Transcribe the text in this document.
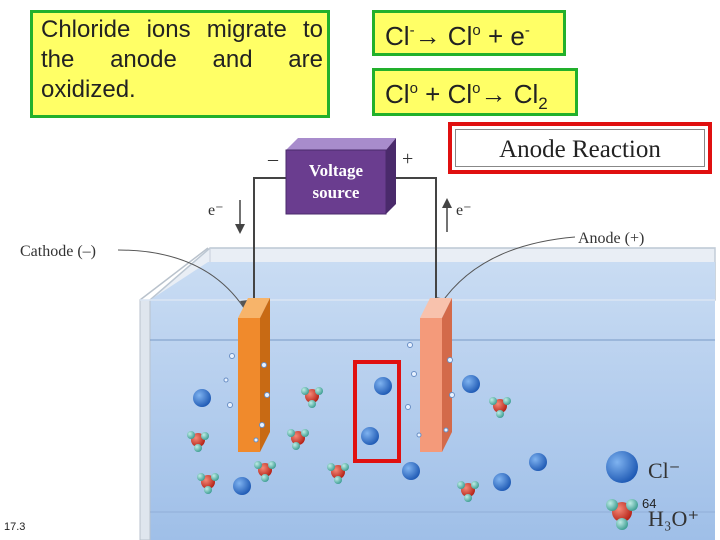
Chloride ions migrate to the anode and are oxidized.
$Cl^-\to Cl^o + e^-$
$Cl^o + Cl^o\to Cl_2$
Voltage
source
–	+
e⁻	e⁻
Cathode (–)
Anode (+)
Cl⁻
H₃O⁺
Anode Reaction
64
17.3
